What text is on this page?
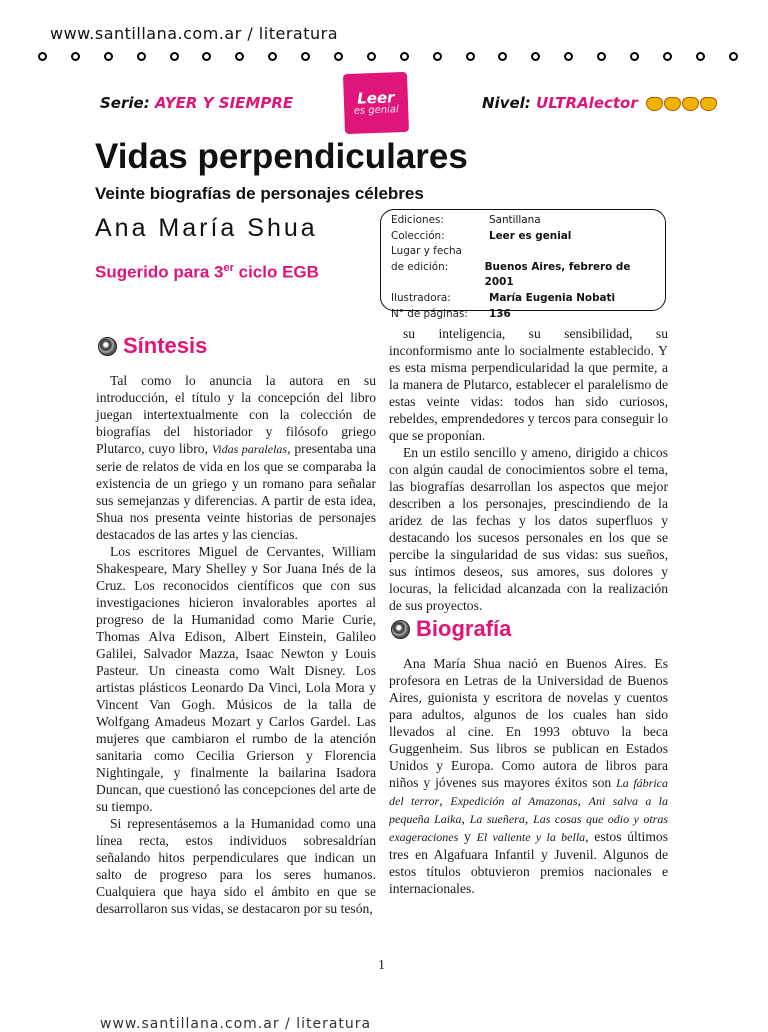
www.santillana.com.ar / literatura
Serie: AYER Y SIEMPRE	Leer
es genial	Nivel: ULTRAlector
Vidas perpendiculares
Veinte biografías de personajes célebres
Ana María Shua
Sugerido para 3er ciclo EGB
Ediciones:	Santillana
Colección:	Leer es genial
Lugar y fecha
de edición:	Buenos Aires, febrero de 2001
Ilustradora:	María Eugenia Nobati
N° de páginas:	136
Síntesis

Tal como lo anuncia la autora en su introducción, el título y la concepción del libro juegan intertextualmente con la colección de biografías del historiador y filósofo griego Plutarco, cuyo libro, Vidas paralelas, presentaba una serie de relatos de vida en los que se comparaba la existencia de un griego y un romano para señalar sus semejanzas y diferencias. A partir de esta idea, Shua nos presenta veinte historias de personajes destacados de las artes y las ciencias.

Los escritores Miguel de Cervantes, William Shakespeare, Mary Shelley y Sor Juana Inés de la Cruz. Los reconocidos científicos que con sus investigaciones hicieron invalorables aportes al progreso de la Humanidad como Marie Curie, Thomas Alva Edison, Albert Einstein, Galileo Galilei, Salvador Mazza, Isaac Newton y Louis Pasteur. Un cineasta como Walt Disney. Los artistas plásticos Leonardo Da Vinci, Lola Mora y Vincent Van Gogh. Músicos de la talla de Wolfgang Amadeus Mozart y Carlos Gardel. Las mujeres que cambiaron el rumbo de la atención sanitaria como Cecilia Grierson y Florencia Nightingale, y finalmente la bailarina Isadora Duncan, que cuestionó las concepciones del arte de su tiempo.

Si representásemos a la Humanidad como una línea recta, estos individuos sobresaldrían señalando hitos perpendiculares que indican un salto de progreso para los seres humanos. Cualquiera que haya sido el ámbito en que se desarrollaron sus vidas, se destacaron por su tesón,

su inteligencia, su sensibilidad, su inconformismo ante lo socialmente establecido. Y es esta misma perpendicularidad la que permite, a la manera de Plutarco, establecer el paralelismo de estas veinte vidas: todos han sido curiosos, rebeldes, emprendedores y tercos para conseguir lo que se proponían.

En un estilo sencillo y ameno, dirigido a chicos con algún caudal de conocimientos sobre el tema, las biografías desarrollan los aspectos que mejor describen a los personajes, prescindiendo de la aridez de las fechas y los datos superfluos y destacando los sucesos personales en los que se percibe la singularidad de sus vidas: sus sueños, sus íntimos deseos, sus amores, sus dolores y locuras, la felicidad alcanzada con la realización de sus proyectos.

Biografía

Ana María Shua nació en Buenos Aires. Es profesora en Letras de la Universidad de Buenos Aires, guionista y escritora de novelas y cuentos para adultos, algunos de los cuales han sido llevados al cine. En 1993 obtuvo la beca Guggenheim. Sus libros se publican en Estados Unidos y Europa. Como autora de libros para niños y jóvenes sus mayores éxitos son La fábrica del terror, Expedición al Amazonas, Ani salva a la pequeña Laika, La sueñera, Las cosas que odio y otras exageraciones y El valiente y la bella, estos últimos tres en Algafuara Infantil y Juvenil. Algunos de estos títulos obtuvieron premios nacionales e internacionales.

1
www.santillana.com.ar / literatura
